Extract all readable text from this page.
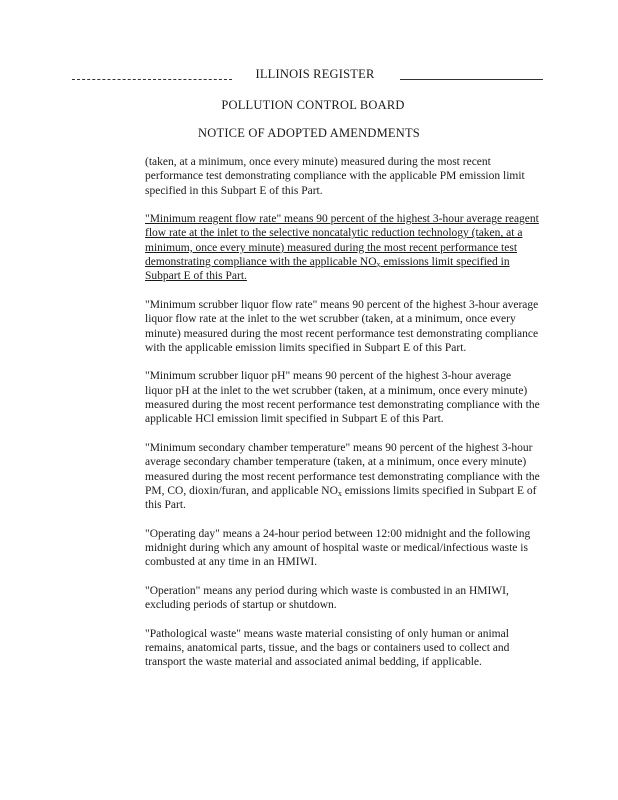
ILLINOIS REGISTER
POLLUTION CONTROL BOARD
NOTICE OF ADOPTED AMENDMENTS

(taken, at a minimum, once every minute) measured during the most recent performance test demonstrating compliance with the applicable PM emission limit specified in this Subpart E of this Part.

"Minimum reagent flow rate" means 90 percent of the highest 3-hour average reagent flow rate at the inlet to the selective noncatalytic reduction technology (taken, at a minimum, once every minute) measured during the most recent performance test demonstrating compliance with the applicable $NO_x$ emissions limit specified in Subpart E of this Part.

"Minimum scrubber liquor flow rate" means 90 percent of the highest 3-hour average liquor flow rate at the inlet to the wet scrubber (taken, at a minimum, once every minute) measured during the most recent performance test demonstrating compliance with the applicable emission limits specified in Subpart E of this Part.

"Minimum scrubber liquor pH" means 90 percent of the highest 3-hour average liquor pH at the inlet to the wet scrubber (taken, at a minimum, once every minute) measured during the most recent performance test demonstrating compliance with the applicable HCl emission limit specified in Subpart E of this Part.

"Minimum secondary chamber temperature" means 90 percent of the highest 3-hour average secondary chamber temperature (taken, at a minimum, once every minute) measured during the most recent performance test demonstrating compliance with the PM, CO, dioxin/furan, and applicable $NO_x$ emissions limits specified in Subpart E of this Part.

"Operating day" means a 24-hour period between 12:00 midnight and the following midnight during which any amount of hospital waste or medical/infectious waste is combusted at any time in an HMIWI.

"Operation" means any period during which waste is combusted in an HMIWI, excluding periods of startup or shutdown.

"Pathological waste" means waste material consisting of only human or animal remains, anatomical parts, tissue, and the bags or containers used to collect and transport the waste material and associated animal bedding, if applicable.
